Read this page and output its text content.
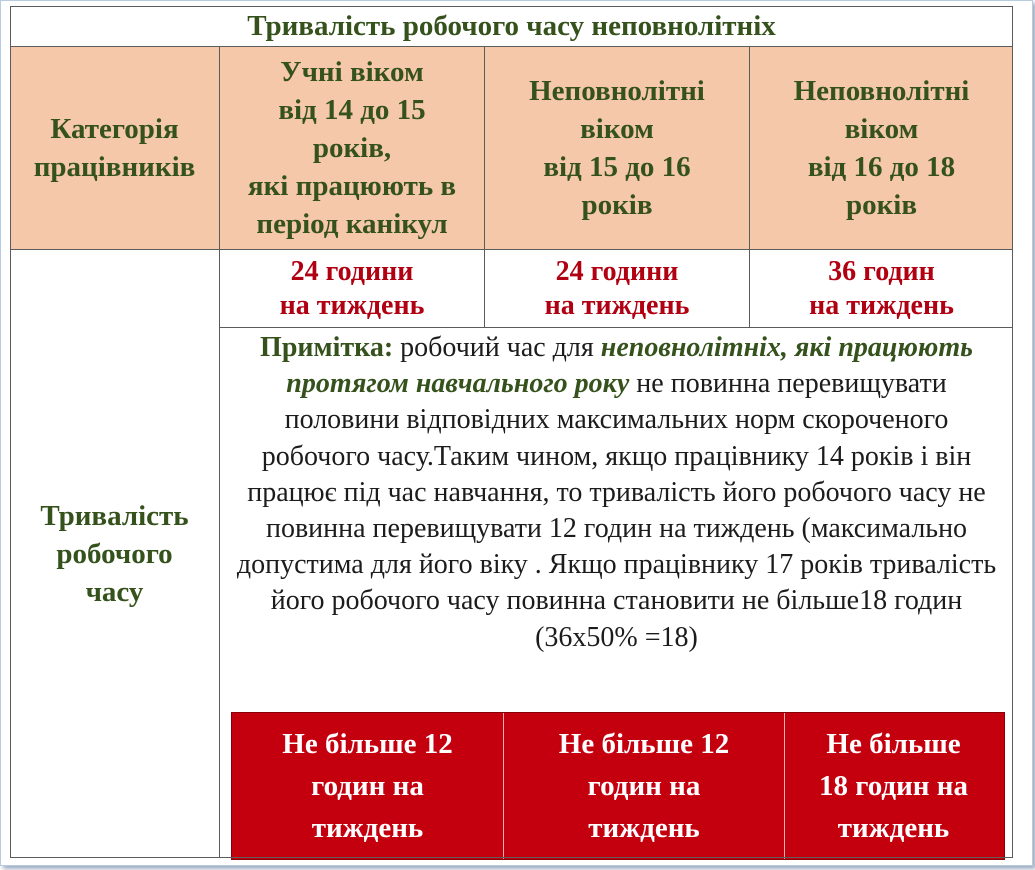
Тривалість робочого часу неповнолітніх
Категорія
працівників
Учні віком
від 14 до 15
років,
які працюють в
період канікул
Неповнолітні
віком
від 15 до 16
років
Неповнолітні
віком
від 16 до 18
років
Тривалість
робочого
часу
24 години
на тиждень
24 години
на тиждень
36 годин
на тиждень
Примітка: робочий час для неповнолітніх, які працюють протягом навчального року не повинна перевищувати половини відповідних максимальних норм скороченого робочого часу.Таким чином, якщо працівнику 14 років і він працює під час навчання, то тривалість його робочого часу не повинна перевищувати 12 годин на тиждень (максимально допустима для його віку . Якщо працівнику 17 років тривалість його робочого часу повинна становити не більше18 годин (36х50% =18)
Не більше 12
годин на
тиждень
Не більше 12
годин на
тиждень
Не більше
18 годин на
тиждень
